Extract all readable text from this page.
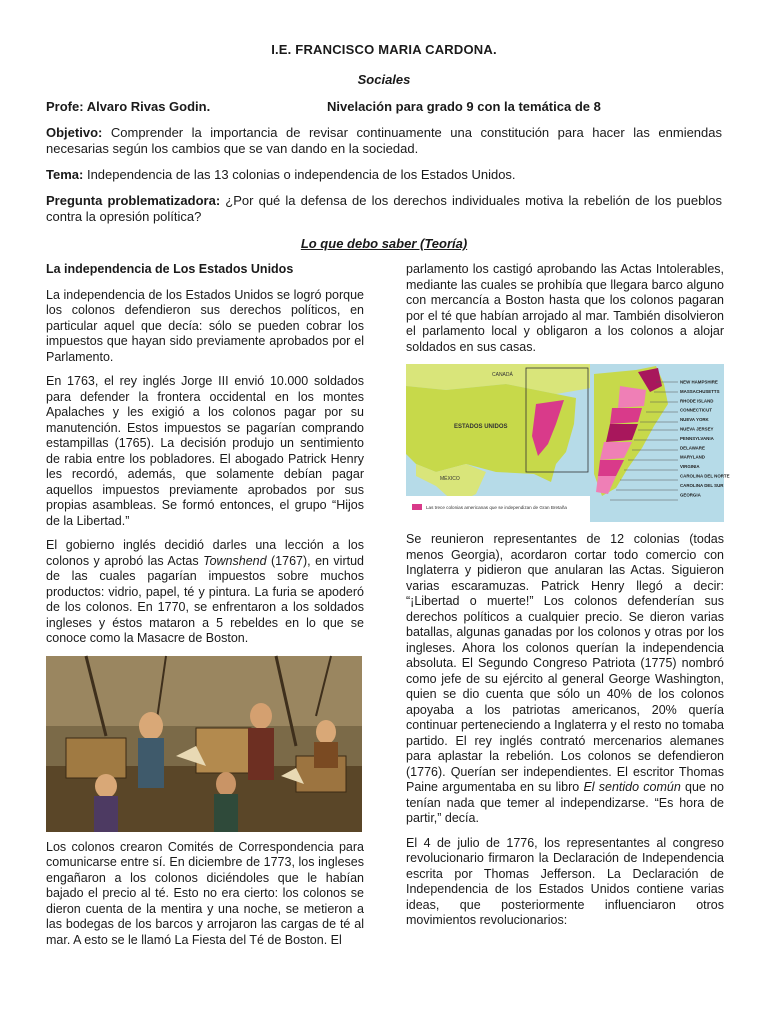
I.E. FRANCISCO MARIA CARDONA.
Sociales
Profe: Alvaro Rivas Godin.	Nivelación para grado 9 con la temática de 8
Objetivo: Comprender la importancia de revisar continuamente una constitución para hacer las enmiendas necesarias según los cambios que se van dando en la sociedad.
Tema: Independencia de las 13 colonias o independencia de los Estados Unidos.
Pregunta problematizadora: ¿Por qué la defensa de los derechos individuales motiva la rebelión de los pueblos contra la opresión política?
Lo que debo saber (Teoría)

La independencia de Los Estados Unidos

La independencia de los Estados Unidos se logró porque los colonos defendieron sus derechos políticos, en particular aquel que decía: sólo se pueden cobrar los impuestos que hayan sido previamente aprobados por el Parlamento.

En 1763, el rey inglés Jorge III envió 10.000 soldados para defender la frontera occidental en los montes Apalaches y les exigió a los colonos pagar por su manutención. Estos impuestos se pagarían comprando estampillas (1765). La decisión produjo un sentimiento de rabia entre los pobladores. El abogado Patrick Henry les recordó, además, que solamente debían pagar aquellos impuestos previamente aprobados por sus propias asambleas. Se formó entonces, el grupo “Hijos de la Libertad.”

El gobierno inglés decidió darles una lección a los colonos y aprobó las Actas Townshend (1767), en virtud de las cuales pagarían impuestos sobre muchos productos: vidrio, papel, té y pintura. La furia se apoderó de los colonos. En 1770, se enfrentaron a los soldados ingleses y éstos mataron a 5 rebeldes en lo que se conoce como la Masacre de Boston.

Los colonos crearon Comités de Correspondencia para comunicarse entre sí. En diciembre de 1773, los ingleses engañaron a los colonos diciéndoles que le habían bajado el precio al té. Esto no era cierto: los colonos se dieron cuenta de la mentira y una noche, se metieron a las bodegas de los barcos y arrojaron las cargas de té al mar. A esto se le llamó La Fiesta del Té de Boston. El

parlamento los castigó aprobando las Actas Intolerables, mediante las cuales se prohibía que llegara barco alguno con mercancía a Boston hasta que los colonos pagaran por el té que habían arrojado al mar. También disolvieron el parlamento local y obligaron a los colonos a alojar soldados en sus casas.

CANADÁ
ESTADOS UNIDOS
MÉXICO
NEW HAMPSHIRE
MASSACHUSETTS
RHODE ISLAND
CONNECTICUT
NUEVA YORK
NUEVA JERSEY
PENNSYLVANIA
DELAWARE
MARYLAND
VIRGINIA
CAROLINA DEL NORTE
CAROLINA DEL SUR
GEORGIA
Las trece colonias americanas que se independizan de Gran Bretaña

Se reunieron representantes de 12 colonias (todas menos Georgia), acordaron cortar todo comercio con Inglaterra y pidieron que anularan las Actas. Siguieron varias escaramuzas. Patrick Henry llegó a decir: “¡Libertad o muerte!” Los colonos defenderían sus derechos políticos a cualquier precio. Se dieron varias batallas, algunas ganadas por los colonos y otras por los ingleses. Ahora los colonos querían la independencia absoluta. El Segundo Congreso Patriota (1775) nombró como jefe de su ejército al general George Washington, quien se dio cuenta que sólo un 40% de los colonos apoyaba a los patriotas americanos, 20% quería continuar perteneciendo a Inglaterra y el resto no tomaba partido. El rey inglés contrató mercenarios alemanes para aplastar la rebelión. Los colonos se defendieron (1776). Querían ser independientes. El escritor Thomas Paine argumentaba en su libro El sentido común que no tenían nada que temer al independizarse. “Es hora de partir,” decía.

El 4 de julio de 1776, los representantes al congreso revolucionario firmaron la Declaración de Independencia escrita por Thomas Jefferson. La Declaración de Independencia de los Estados Unidos contiene varias ideas, que posteriormente influenciaron otros movimientos revolucionarios:
